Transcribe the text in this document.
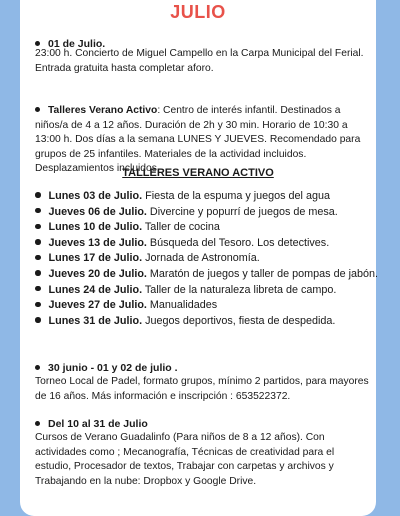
JULIO
01 de Julio.
23:00 h. Concierto de Miguel Campello en la Carpa Municipal del Ferial. Entrada gratuita hasta completar aforo.
Talleres Verano Activo: Centro de interés infantil. Destinados a niños/a de 4 a 12 años. Duración de 2h y 30 min. Horario de 10:30 a 13:00 h. Dos días a la semana LUNES Y JUEVES. Recomendado para grupos de 25 infantiles. Materiales de la actividad incluidos. Desplazamientos incluidos.
TALLERES VERANO ACTIVO
Lunes 03 de Julio. Fiesta de la espuma y juegos del agua
Jueves 06 de Julio. Divercine y popurrí de juegos de mesa.
Lunes 10 de Julio. Taller de cocina
Jueves 13 de Julio. Búsqueda del Tesoro. Los detectives.
Lunes 17 de Julio. Jornada de Astronomía.
Jueves 20 de Julio. Maratón de juegos y taller de pompas de jabón.
Lunes 24 de Julio. Taller de la naturaleza libreta de campo.
Jueves 27 de Julio. Manualidades
Lunes 31 de Julio. Juegos deportivos, fiesta de despedida.
30 junio - 01 y 02 de julio .
Torneo Local de Padel, formato grupos, mínimo 2 partidos, para mayores de 16 años. Más información e inscripción : 653522372.
Del 10 al 31 de Julio
Cursos de Verano Guadalinfo (Para niños de 8 a 12 años). Con actividades como ; Mecanografía, Técnicas de creatividad para el estudio, Procesador de textos, Trabajar con carpetas y archivos y Trabajando en la nube: Dropbox y Google Drive.
